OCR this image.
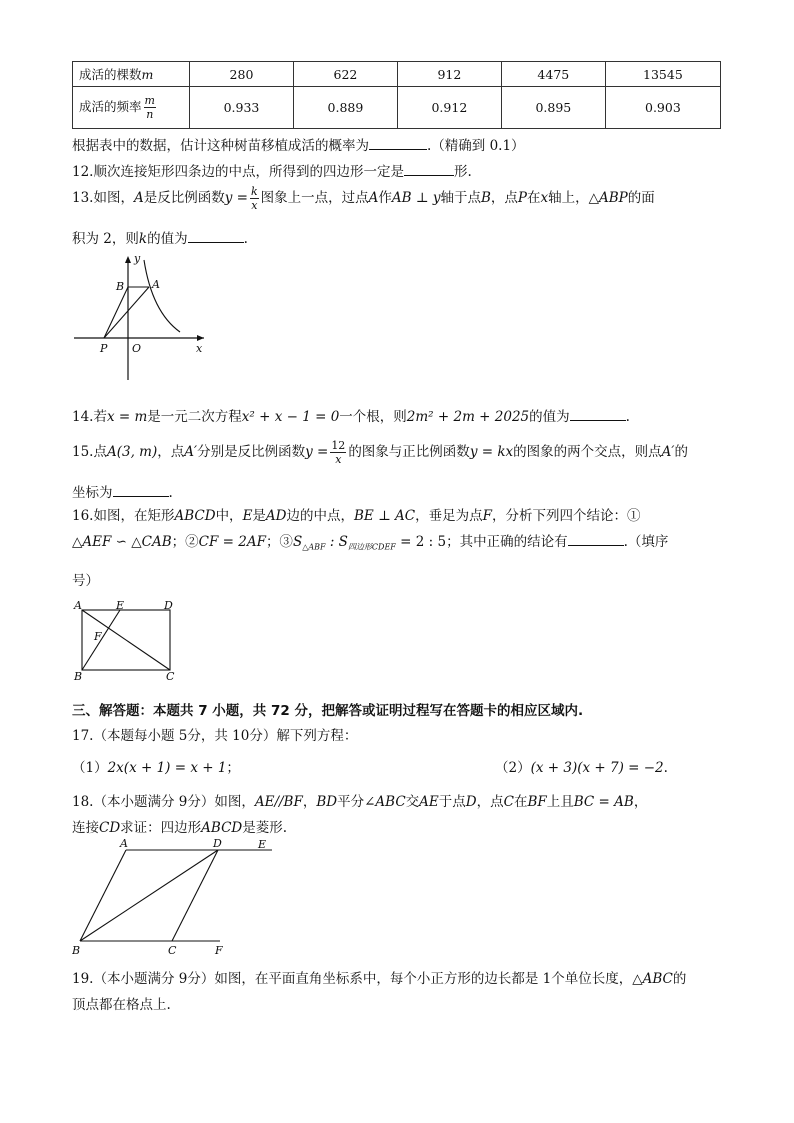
成活的棵数m	280	622	912	4475	13545
成活的频率 $\frac{m}{n}$	0.933	0.889	0.912	0.895	0.903
根据表中的数据，估计这种树苗移植成活的概率为	.（精确到 0.1）
12.顺次连接矩形四条边的中点，所得到的四边形一定是	形.
13.如图，A是反比例函数$y = \frac{k}{x}$ 图象上一点，过点A作AB ⊥ y轴于点B，点P在x轴上，△ABP的面
积为 2，则k的值为	.
y
B	A
P O	x
14.若x = m是一元二次方程x² + x − 1 = 0一个根，则2m² + 2m + 2025的值为	.
15.点A(3, m)，点A′分别是反比例函数$y = \frac{12}{x}$ 的图象与正比例函数y = kx的图象的两个交点，则点A′的
坐标为	.
16.如图，在矩形ABCD中，E是AD边的中点，BE ⊥ AC，垂足为点F，分析下列四个结论：①
△AEF ∽ △CAB；②CF = 2AF；$③S_{\triangle ABF}$ : $S_{四边形CDEF} = 2$ : 5；其中正确的结论有	.（填序
号）
A	E	D
F
B	C
三、解答题：本题共 7 小题，共 72 分，把解答或证明过程写在答题卡的相应区域内.
17.（本题每小题 5分，共 10分）解下列方程：
（1）2x(x + 1) = x + 1；	（2）(x + 3)(x + 7) = −2.
18.（本小题满分 9分）如图，AE//BF，BD平分∠ABC交AE于点D，点C在BF上且BC = AB，
连接CD求证：四边形ABCD是菱形.
A	D	E
B	C	F
19.（本小题满分 9分）如图，在平面直角坐标系中，每个小正方形的边长都是 1个单位长度，△ABC的
顶点都在格点上.
